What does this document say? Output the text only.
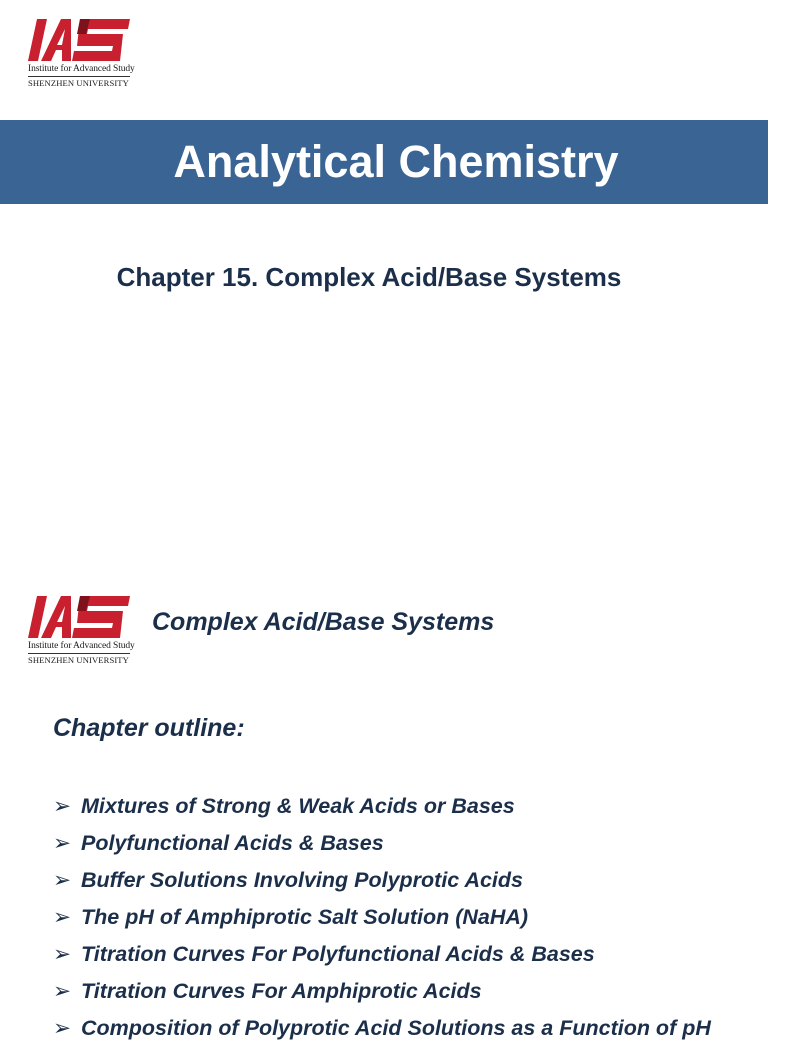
Institute for Advanced Study
SHENZHEN UNIVERSITY
Analytical Chemistry
Chapter 15. Complex Acid/Base Systems
Institute for Advanced Study
SHENZHEN UNIVERSITY
Complex Acid/Base Systems
Chapter outline:
➢ Mixtures of Strong & Weak Acids or Bases
➢ Polyfunctional Acids & Bases
➢ Buffer Solutions Involving Polyprotic Acids
➢ The pH of Amphiprotic Salt Solution (NaHA)
➢ Titration Curves For Polyfunctional Acids & Bases
➢ Titration Curves For Amphiprotic Acids
➢ Composition of Polyprotic Acid Solutions as a Function of pH
